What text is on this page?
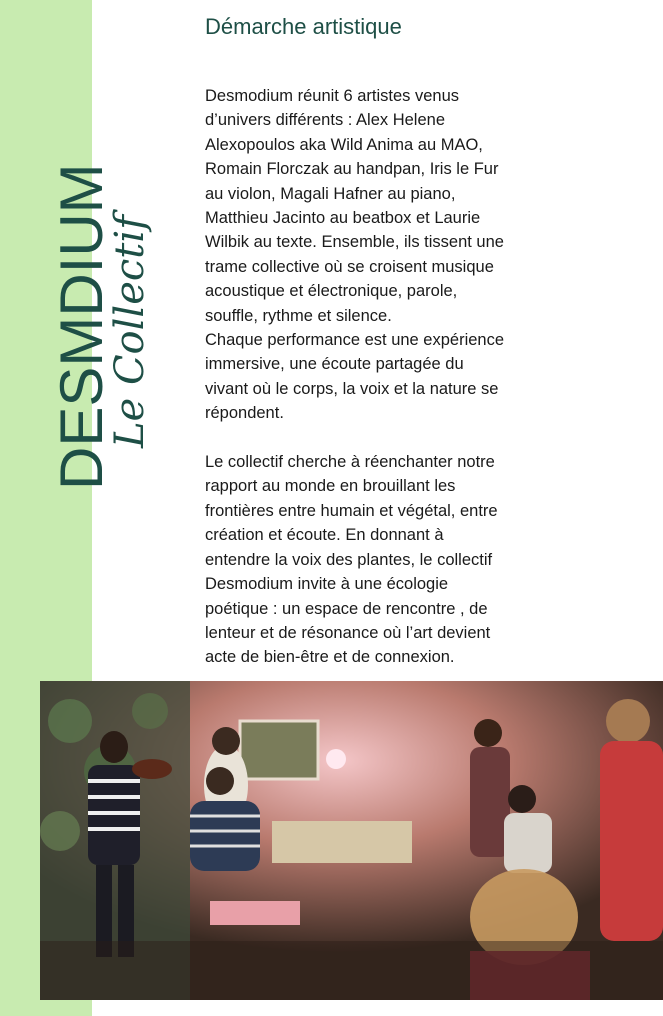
DESMDIUM
Le Collectif
Démarche artistique

Desmodium réunit 6 artistes venus
d’univers différents : Alex Helene
Alexopoulos aka Wild Anima au MAO,
Romain Florczak au handpan, Iris le Fur
au violon, Magali Hafner au piano,
Matthieu Jacinto au beatbox et Laurie
Wilbik au texte. Ensemble, ils tissent une
trame collective où se croisent musique
acoustique et électronique, parole,
souffle, rythme et silence.

Chaque performance est une expérience
immersive, une écoute partagée du
vivant où le corps, la voix et la nature se
répondent.

Le collectif cherche à réenchanter notre
rapport au monde en brouillant les
frontières entre humain et végétal, entre
création et écoute. En donnant à
entendre la voix des plantes, le collectif
Desmodium invite à une écologie
poétique : un espace de rencontre , de
lenteur et de résonance où l’art devient
acte de bien-être et de connexion.
